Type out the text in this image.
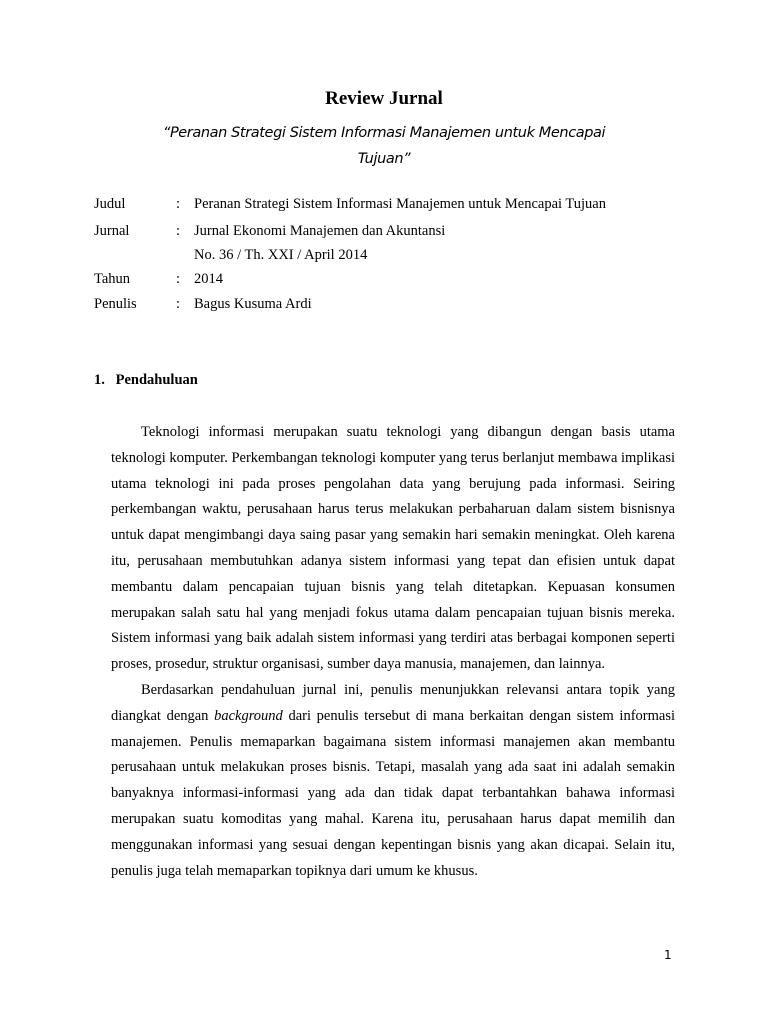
Review Jurnal
“Peranan Strategi Sistem Informasi Manajemen untuk Mencapai Tujuan”
Judul	: Peranan Strategi Sistem Informasi Manajemen untuk Mencapai Tujuan
Jurnal	: Jurnal Ekonomi Manajemen dan Akuntansi
No. 36 / Th. XXI / April 2014
Tahun	: 2014
Penulis	: Bagus Kusuma Ardi
1. Pendahuluan

Teknologi informasi merupakan suatu teknologi yang dibangun dengan basis utama teknologi komputer. Perkembangan teknologi komputer yang terus berlanjut membawa implikasi utama teknologi ini pada proses pengolahan data yang berujung pada informasi. Seiring perkembangan waktu, perusahaan harus terus melakukan perbaharuan dalam sistem bisnisnya untuk dapat mengimbangi daya saing pasar yang semakin hari semakin meningkat. Oleh karena itu, perusahaan membutuhkan adanya sistem informasi yang tepat dan efisien untuk dapat membantu dalam pencapaian tujuan bisnis yang telah ditetapkan. Kepuasan konsumen merupakan salah satu hal yang menjadi fokus utama dalam pencapaian tujuan bisnis mereka. Sistem informasi yang baik adalah sistem informasi yang terdiri atas berbagai komponen seperti proses, prosedur, struktur organisasi, sumber daya manusia, manajemen, dan lainnya.

Berdasarkan pendahuluan jurnal ini, penulis menunjukkan relevansi antara topik yang diangkat dengan background dari penulis tersebut di mana berkaitan dengan sistem informasi manajemen. Penulis memaparkan bagaimana sistem informasi manajemen akan membantu perusahaan untuk melakukan proses bisnis. Tetapi, masalah yang ada saat ini adalah semakin banyaknya informasi-informasi yang ada dan tidak dapat terbantahkan bahawa informasi merupakan suatu komoditas yang mahal. Karena itu, perusahaan harus dapat memilih dan menggunakan informasi yang sesuai dengan kepentingan bisnis yang akan dicapai. Selain itu, penulis juga telah memaparkan topiknya dari umum ke khusus.

1
